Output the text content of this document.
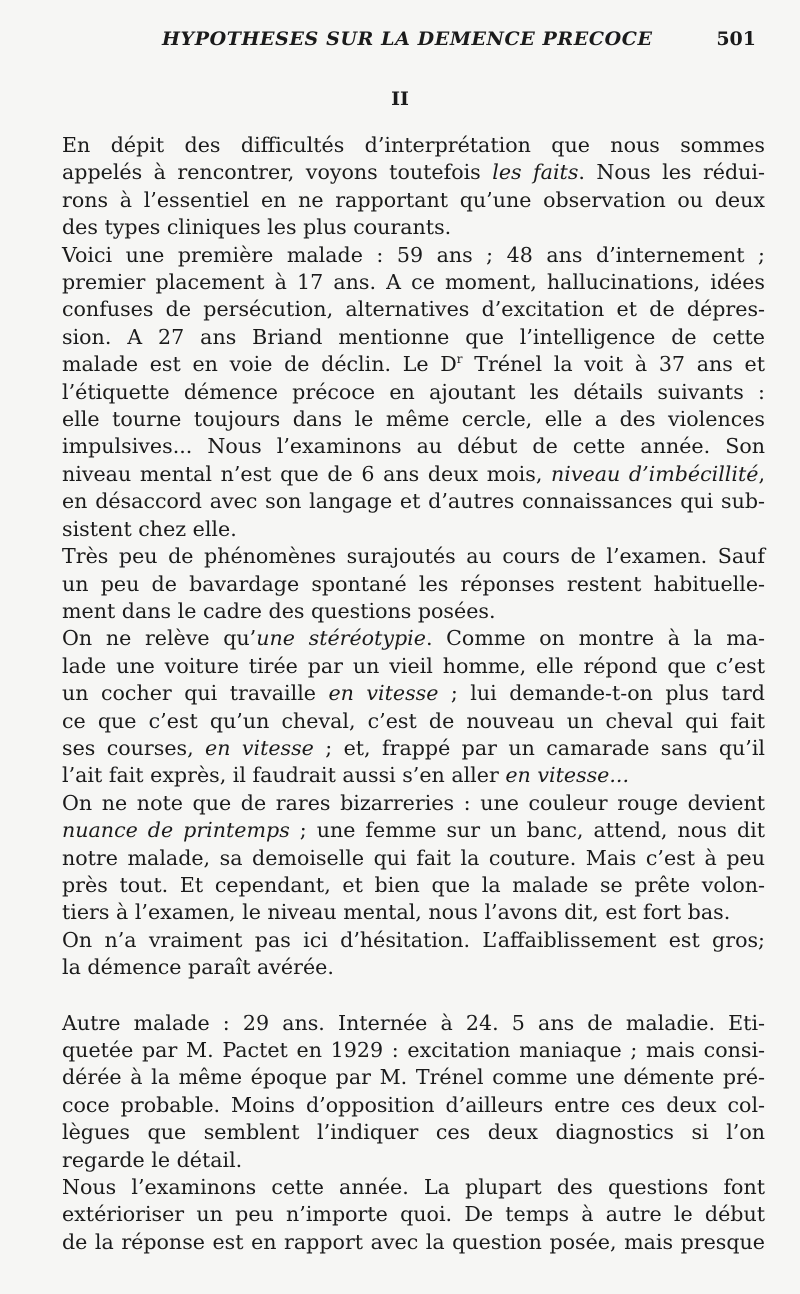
HYPOTHESES SUR LA DEMENCE PRECOCE	501
II

En dépit des difficultés d’interprétation que nous sommes
appelés à rencontrer, voyons toutefois les faits. Nous les rédui-
rons à l’essentiel en ne rapportant qu’une observation ou deux
des types cliniques les plus courants.

Voici une première malade : 59 ans ; 48 ans d’internement ;
premier placement à 17 ans. A ce moment, hallucinations, idées
confuses de persécution, alternatives d’excitation et de dépres-
sion. A 27 ans Briand mentionne que l’intelligence de cette
malade est en voie de déclin. Le $D^r$ Trénel la voit à 37 ans et
l’étiquette démence précoce en ajoutant les détails suivants :
elle tourne toujours dans le même cercle, elle a des violences
impulsives... Nous l’examinons au début de cette année. Son
niveau mental n’est que de 6 ans deux mois, niveau d’imbécillité,
en désaccord avec son langage et d’autres connaissances qui sub-
sistent chez elle.

Très peu de phénomènes surajoutés au cours de l’examen. Sauf
un peu de bavardage spontané les réponses restent habituelle-
ment dans le cadre des questions posées.

On ne relève qu’une stéréotypie. Comme on montre à la ma-
lade une voiture tirée par un vieil homme, elle répond que c’est
un cocher qui travaille en vitesse ; lui demande-t-on plus tard
ce que c’est qu’un cheval, c’est de nouveau un cheval qui fait
ses courses, en vitesse ; et, frappé par un camarade sans qu’il
l’ait fait exprès, il faudrait aussi s’en aller en vitesse...

On ne note que de rares bizarreries : une couleur rouge devient
nuance de printemps ; une femme sur un banc, attend, nous dit
notre malade, sa demoiselle qui fait la couture. Mais c’est à peu
près tout. Et cependant, et bien que la malade se prête volon-
tiers à l’examen, le niveau mental, nous l’avons dit, est fort bas.

On n’a vraiment pas ici d’hésitation. L’affaiblissement est gros;
la démence paraît avérée.

Autre malade : 29 ans. Internée à 24. 5 ans de maladie. Eti-
quetée par M. Pactet en 1929 : excitation maniaque ; mais consi-
dérée à la même époque par M. Trénel comme une démente pré-
coce probable. Moins d’opposition d’ailleurs entre ces deux col-
lègues que semblent l’indiquer ces deux diagnostics si l’on
regarde le détail.

Nous l’examinons cette année. La plupart des questions font
extérioriser un peu n’importe quoi. De temps à autre le début
de la réponse est en rapport avec la question posée, mais presque
